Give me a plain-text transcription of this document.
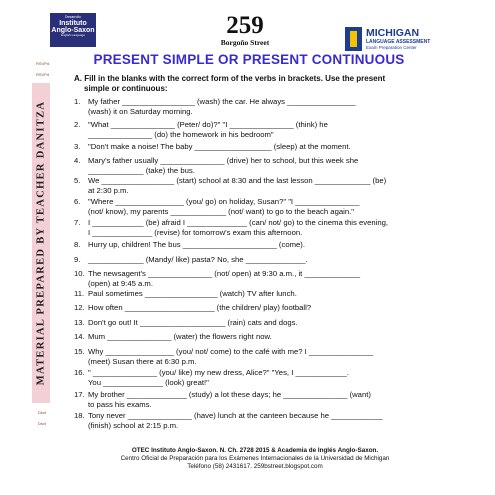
Desarrollo
Instituto
Anglo-Saxon
English Language	259
Borgoño Street
MICHIGAN
LANGUAGE ASSESSMENT
Exam Preparation Center
PRESENT SIMPLE OR PRESENT CONTINUOUS
RSVPd
RSVPd
MATERIAL PREPARED BY TEACHER DANITZA
Dsvt
Dsvt
A. Fill in the blanks with the correct form of the verbs in brackets. Use the present
simple or continuous:
1. My father _________________ (wash) the car. He always ________________
(wash) it on Saturday morning.
2. "What _______________ (Peter/ do)?" "I _______________ (think) he
_______________ (do) the homework in his bedroom"
3. "Don't make a noise! The baby __________________ (sleep) at the moment.
4. Mary's father usually _______________ (drive) her to school, but this week she
_____________ (take) the bus.
5. We _________________ (start) school at 8:30 and the last lesson _____________ (be)
at 2:30 p.m.
6. "Where ________________ (you/ go) on holiday, Susan?" "I _______________
(not/ know), my parents _____________ (not/ want) to go to the beach again."
7. I ____________ (be) afraid I ______________ (can/ not/ go) to the cinema this evening,
I ______________ (revise) for tomorrow's exam this afternoon.
8. Hurry up, children! The bus ______________________ (come).
9. _____________ (Mandy/ like) pasta? No, she ______________.
10. The newsagent's _______________ (not/ open) at 9:30 a.m., it _____________
(open) at 9:45 a.m.
11. Paul sometimes _________________ (watch) TV after lunch.
12. How often _____________________ (the children/ play) football?
13. Don't go out! It ____________________ (rain) cats and dogs.
14. Mum _______________ (water) the flowers right now.
15. Why ________________ (you/ not/ come) to the café with me? I _______________
(meet) Susan there at 6:30 p.m.
16. " _______________ (you/ like) my new dress, Alice?" "Yes, I ____________.
You ______________ (look) great!"
17. My brother ______________ (study) a lot these days; he _______________ (want)
to pass his exams.
18. Tony never _______________ (have) lunch at the canteen because he ____________
(finish) school at 2:15 p.m.
OTEC Instituto Anglo-Saxon. N. Ch. 2728 2015 & Academia de Inglés Anglo-Saxon.
Centro Oficial de Preparación para los Exámenes Internacionales de la Universidad de Michigan
Teléfono (58) 2431617. 259bstreet.blogspot.com
